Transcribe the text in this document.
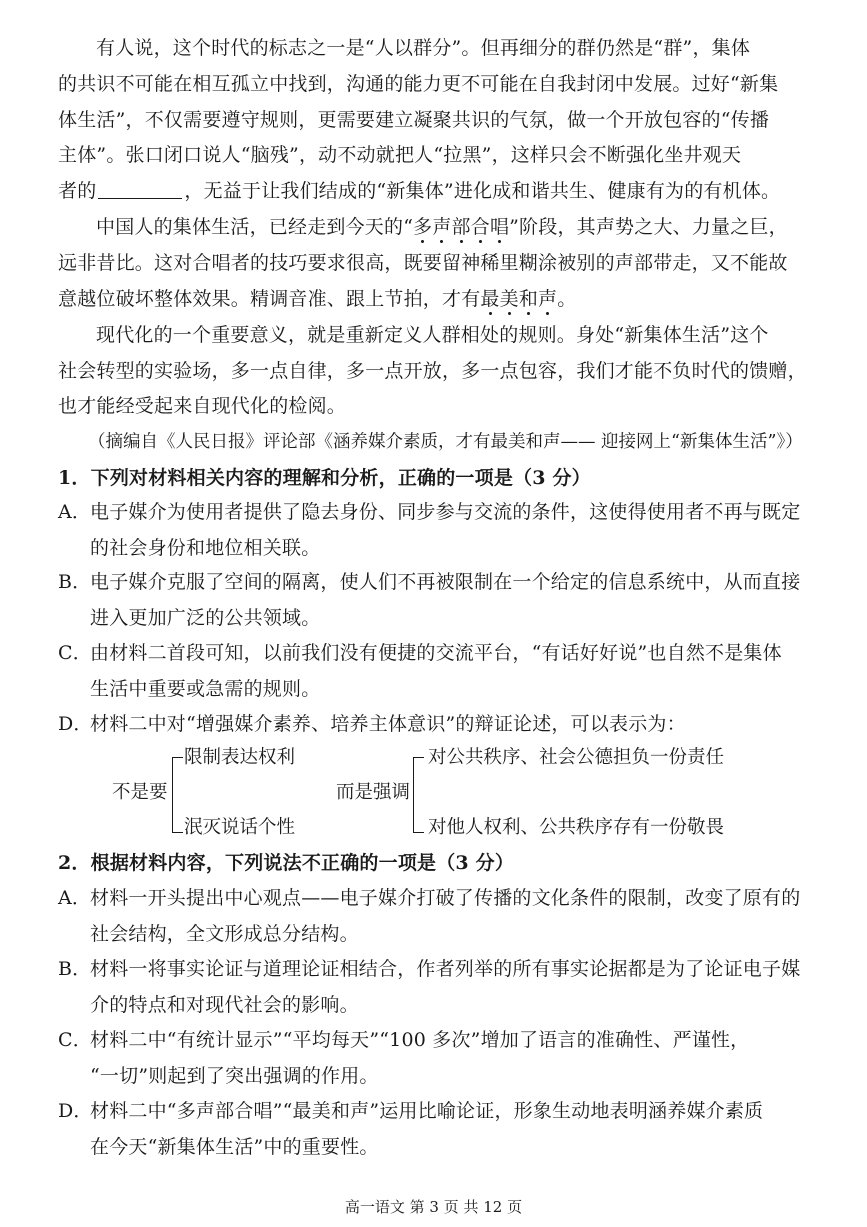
有人说，这个时代的标志之一是“人以群分”。但再细分的群仍然是“群”，集体
的共识不可能在相互孤立中找到，沟通的能力更不可能在自我封闭中发展。过好“新集
体生活”，不仅需要遵守规则，更需要建立凝聚共识的气氛，做一个开放包容的“传播
主体”。张口闭口说人“脑残”，动不动就把人“拉黑”，这样只会不断强化坐井观天
者的	，无益于让我们结成的“新集体”进化成和谐共生、健康有为的有机体。
中国人的集体生活，已经走到今天的“多声部合唱”阶段，其声势之大、力量之巨，
远非昔比。这对合唱者的技巧要求很高，既要留神稀里糊涂被别的声部带走，又不能故
意越位破坏整体效果。精调音准、跟上节拍，才有最美和声。
现代化的一个重要意义，就是重新定义人群相处的规则。身处“新集体生活”这个
社会转型的实验场，多一点自律，多一点开放，多一点包容，我们才能不负时代的馈赠，
也才能经受起来自现代化的检阅。
（摘编自《人民日报》评论部《涵养媒介素质，才有最美和声—— 迎接网上“新集体生活”》）
1．下列对材料相关内容的理解和分析，正确的一项是（3 分）
A．
电子媒介为使用者提供了隐去身份、同步参与交流的条件，这使得使用者不再与既定
的社会身份和地位相关联。
B．
电子媒介克服了空间的隔离，使人们不再被限制在一个给定的信息系统中，从而直接
进入更加广泛的公共领域。
C．
由材料二首段可知，以前我们没有便捷的交流平台，“有话好好说”也自然不是集体
生活中重要或急需的规则。
D．
材料二中对“增强媒介素养、培养主体意识”的辩证论述，可以表示为：
不是要
限制表达权利
泯灭说话个性
而是强调
对公共秩序、社会公德担负一份责任
对他人权利、公共秩序存有一份敬畏
2．根据材料内容，下列说法不正确的一项是（3 分）
A．
材料一开头提出中心观点——电子媒介打破了传播的文化条件的限制，改变了原有的
社会结构，全文形成总分结构。
B．
材料一将事实论证与道理论证相结合，作者列举的所有事实论据都是为了论证电子媒
介的特点和对现代社会的影响。
C．
材料二中“有统计显示”“平均每天”“100 多次”增加了语言的准确性、严谨性，
“一切”则起到了突出强调的作用。
D．
材料二中“多声部合唱”“最美和声”运用比喻论证，形象生动地表明涵养媒介素质
在今天“新集体生活”中的重要性。
高一语文 第 3 页 共 12 页
